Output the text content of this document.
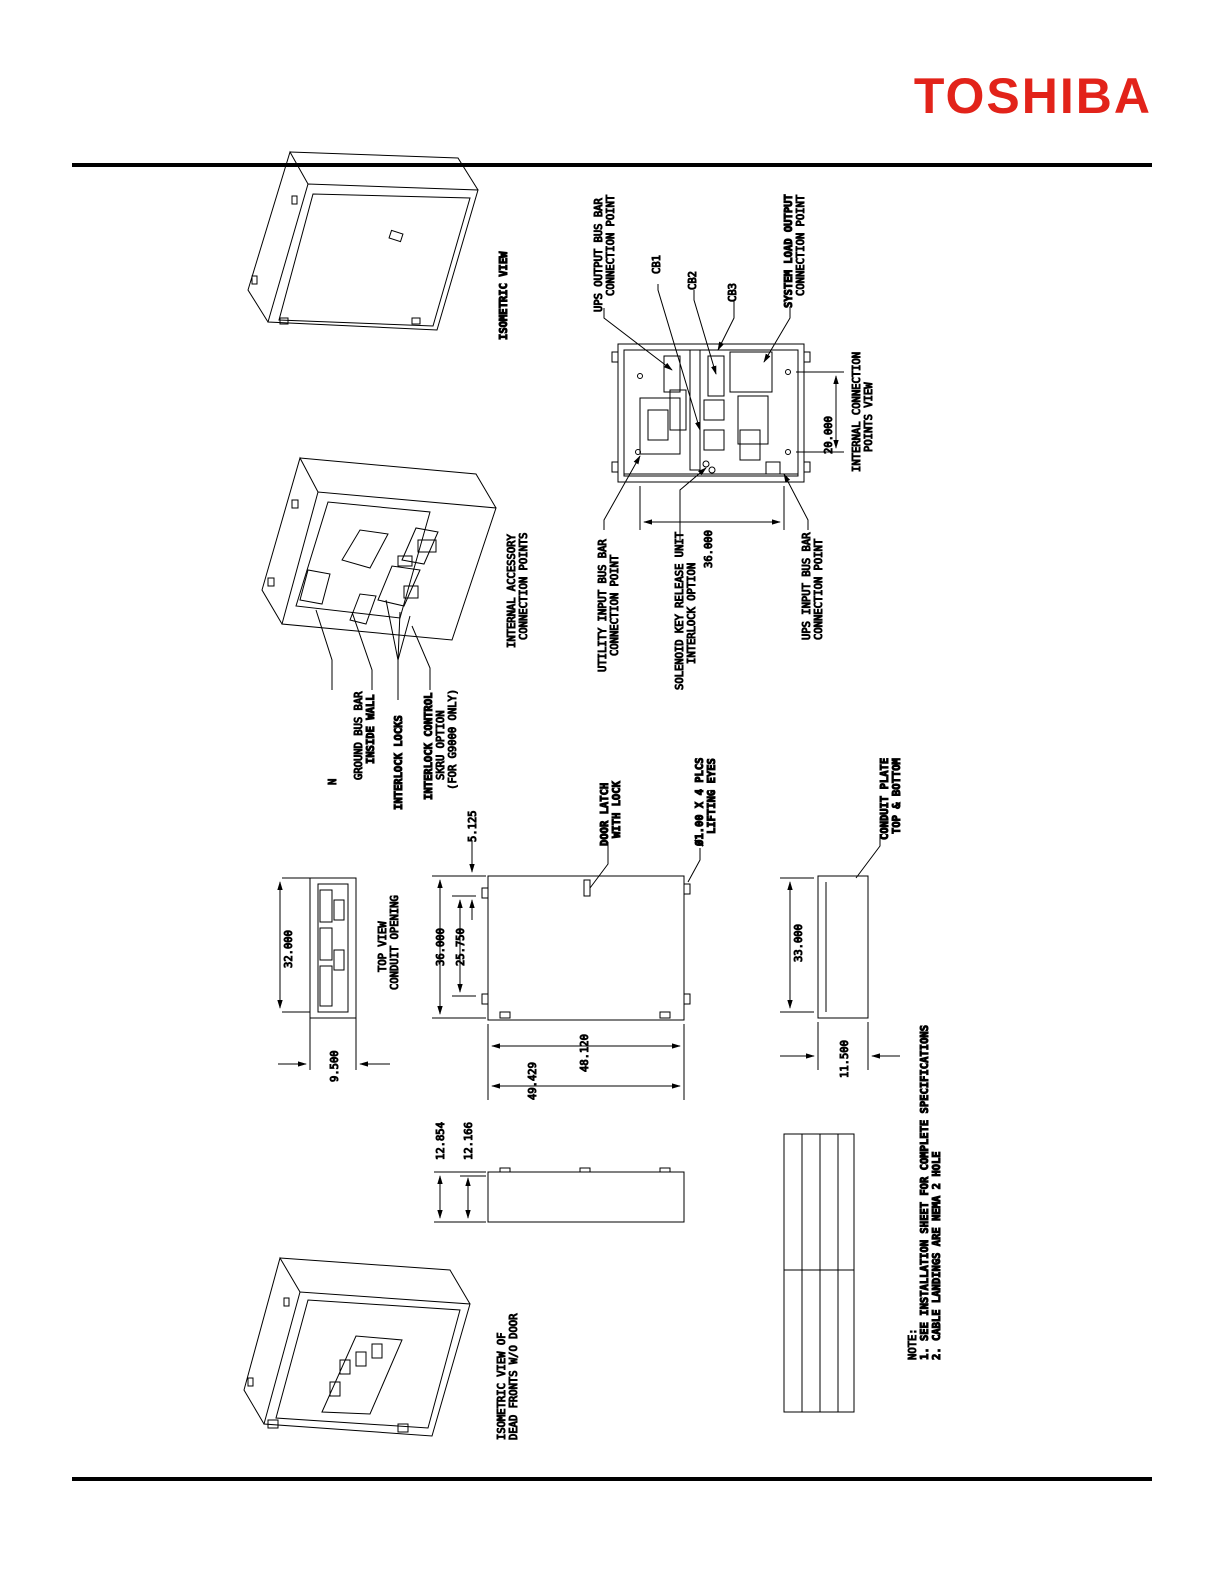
TOSHIBA
ISOMETRIC VIEW
N
GROUND BUS BAR INSIDE WALL INTERLOCK LOCKS INTERLOCK CONTROL SKRU OPTION (FOR G9000 ONLY)
INTERNAL ACCESSORY CONNECTION POINTS
ISOMETRIC VIEW OF DEAD FRONTS W/O DOOR
32.000
9.500
TOP VIEW CONDUIT OPENING	36.000 25.750
5.125
48.120
49.429
DOOR LATCH WITH LOCK	Ø1.00 X 4 PLCS LIFTING EYES
12.854 12.166
33.000
11.500
CONDUIT PLATE TOP & BOTTOM
NOTE: 1. SEE INSTALLATION SHEET FOR COMPLETE SPECIFICATIONS 2. CABLE LANDINGS ARE NEMA 2 HOLE
UPS OUTPUT BUS BAR CONNECTION POINT	CB1
CB2
CB3	SYSTEM LOAD OUTPUT CONNECTION POINT
36.000
20.000 INTERNAL CONNECTION POINTS VIEW
UTILITY INPUT BUS BAR CONNECTION POINT	SOLENOID KEY RELEASE UNIT INTERLOCK OPTION	UPS INPUT BUS BAR CONNECTION POINT
